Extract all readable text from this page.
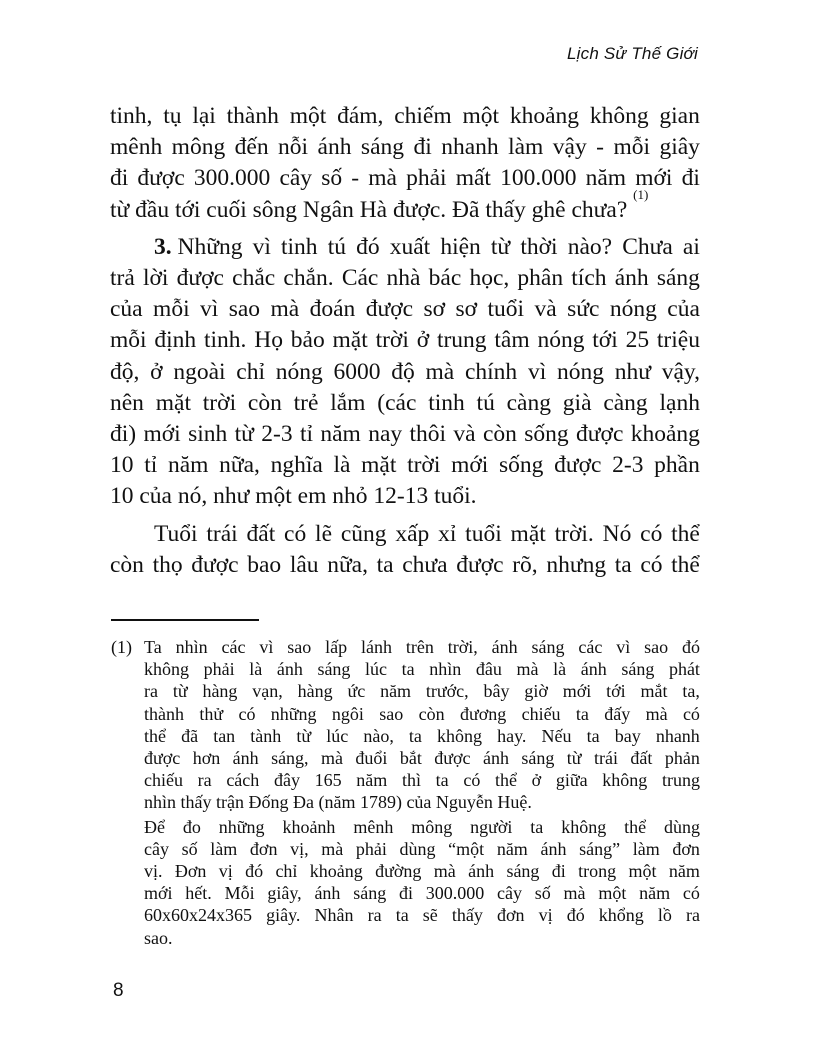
Lịch Sử Thế Giới
tinh, tụ lại thành một đám, chiếm một khoảng không gian
mênh mông đến nỗi ánh sáng đi nhanh làm vậy - mỗi giây
đi được 300.000 cây số - mà phải mất 100.000 năm mới đi
từ đầu tới cuối sông Ngân Hà được. Đã thấy ghê chưa?

(1)
3.
Những vì tinh tú đó xuất hiện từ thời nào? Chưa ai
trả lời được chắc chắn. Các nhà bác học, phân tích ánh sáng
của mỗi vì sao mà đoán được sơ sơ tuổi và sức nóng của
mỗi định tinh. Họ bảo mặt trời ở trung tâm nóng tới 25 triệu
độ, ở ngoài chỉ nóng 6000 độ mà chính vì nóng như vậy,
nên mặt trời còn trẻ lắm (các tinh tú càng già càng lạnh
đi) mới sinh từ 2-3 tỉ năm nay thôi và còn sống được khoảng
10 tỉ năm nữa, nghĩa là mặt trời mới sống được 2-3 phần
10 của nó, như một em nhỏ 12-13 tuổi.
Tuổi trái đất có lẽ cũng xấp xỉ tuổi mặt trời. Nó có thể
còn thọ được bao lâu nữa, ta chưa được rõ, nhưng ta có thể
(1) Ta nhìn các vì sao lấp lánh trên trời, ánh sáng các vì sao đó
không phải là ánh sáng lúc ta nhìn đâu mà là ánh sáng phát
ra từ hàng vạn, hàng ức năm trước, bây giờ mới tới mắt ta,
thành thử có những ngôi sao còn đương chiếu ta đấy mà có
thể đã tan tành từ lúc nào, ta không hay. Nếu ta bay nhanh
được hơn ánh sáng, mà đuổi bắt được ánh sáng từ trái đất phản
chiếu ra cách đây 165 năm thì ta có thể ở giữa không trung
nhìn thấy trận Đống Đa (năm 1789) của Nguyễn Huệ.
Để đo những khoảnh mênh mông người ta không thể dùng
cây số làm đơn vị, mà phải dùng “một năm ánh sáng” làm đơn
vị. Đơn vị đó chỉ khoảng đường mà ánh sáng đi trong một năm
mới hết. Mỗi giây, ánh sáng đi 300.000 cây số mà một năm có
60x60x24x365 giây. Nhân ra ta sẽ thấy đơn vị đó khổng lồ ra
sao.
8
